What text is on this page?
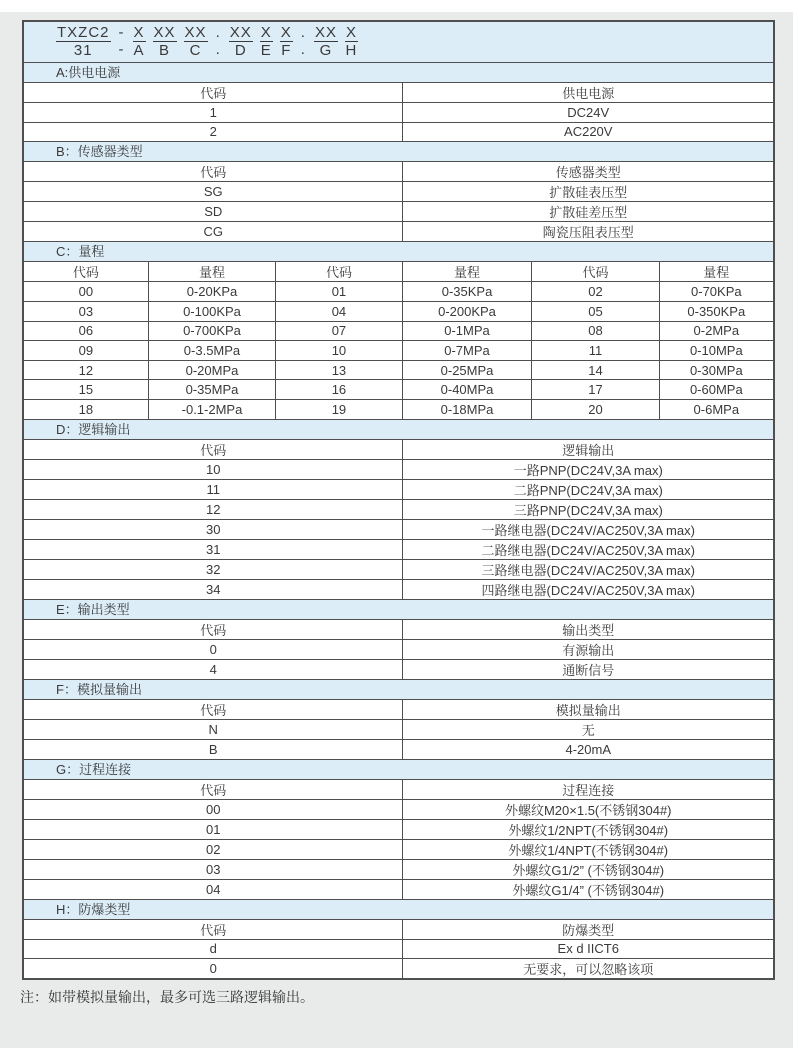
TXZC2
31
-
-
X
A
XX
B
XX
C
.
.
XX
D
X
E
X
F
.
.
XX
G
X
H
A:供电电源
代码	供电电源
1	DC24V
2	AC220V
B：传感器类型
代码	传感器类型
SG	扩散硅表压型
SD	扩散硅差压型
CG	陶瓷压阻表压型
C：量程
代码	量程	代码	量程	代码	量程
00	0-20KPa	01	0-35KPa	02	0-70KPa
03	0-100KPa	04	0-200KPa	05	0-350KPa
06	0-700KPa	07	0-1MPa	08	0-2MPa
09	0-3.5MPa	10	0-7MPa	11	0-10MPa
12	0-20MPa	13	0-25MPa	14	0-30MPa
15	0-35MPa	16	0-40MPa	17	0-60MPa
18	-0.1-2MPa	19	0-18MPa	20	0-6MPa
D：逻辑输出
代码	逻辑输出
10	一路PNP(DC24V,3A max)
11	二路PNP(DC24V,3A max)
12	三路PNP(DC24V,3A max)
30	一路继电器(DC24V/AC250V,3A max)
31	二路继电器(DC24V/AC250V,3A max)
32	三路继电器(DC24V/AC250V,3A max)
34	四路继电器(DC24V/AC250V,3A max)
E：输出类型
代码	输出类型
0	有源输出
4	通断信号
F：模拟量输出
代码	模拟量输出
N	无
B	4-20mA
G：过程连接
代码	过程连接
00	外螺纹M20×1.5(不锈钢304#)
01	外螺纹1/2NPT(不锈钢304#)
02	外螺纹1/4NPT(不锈钢304#)
03	外螺纹G1/2” (不锈钢304#)
04	外螺纹G1/4” (不锈钢304#)
H：防爆类型
代码	防爆类型
d	Ex d IICT6
0	无要求，可以忽略该项
注：如带模拟量输出，最多可选三路逻辑输出。
